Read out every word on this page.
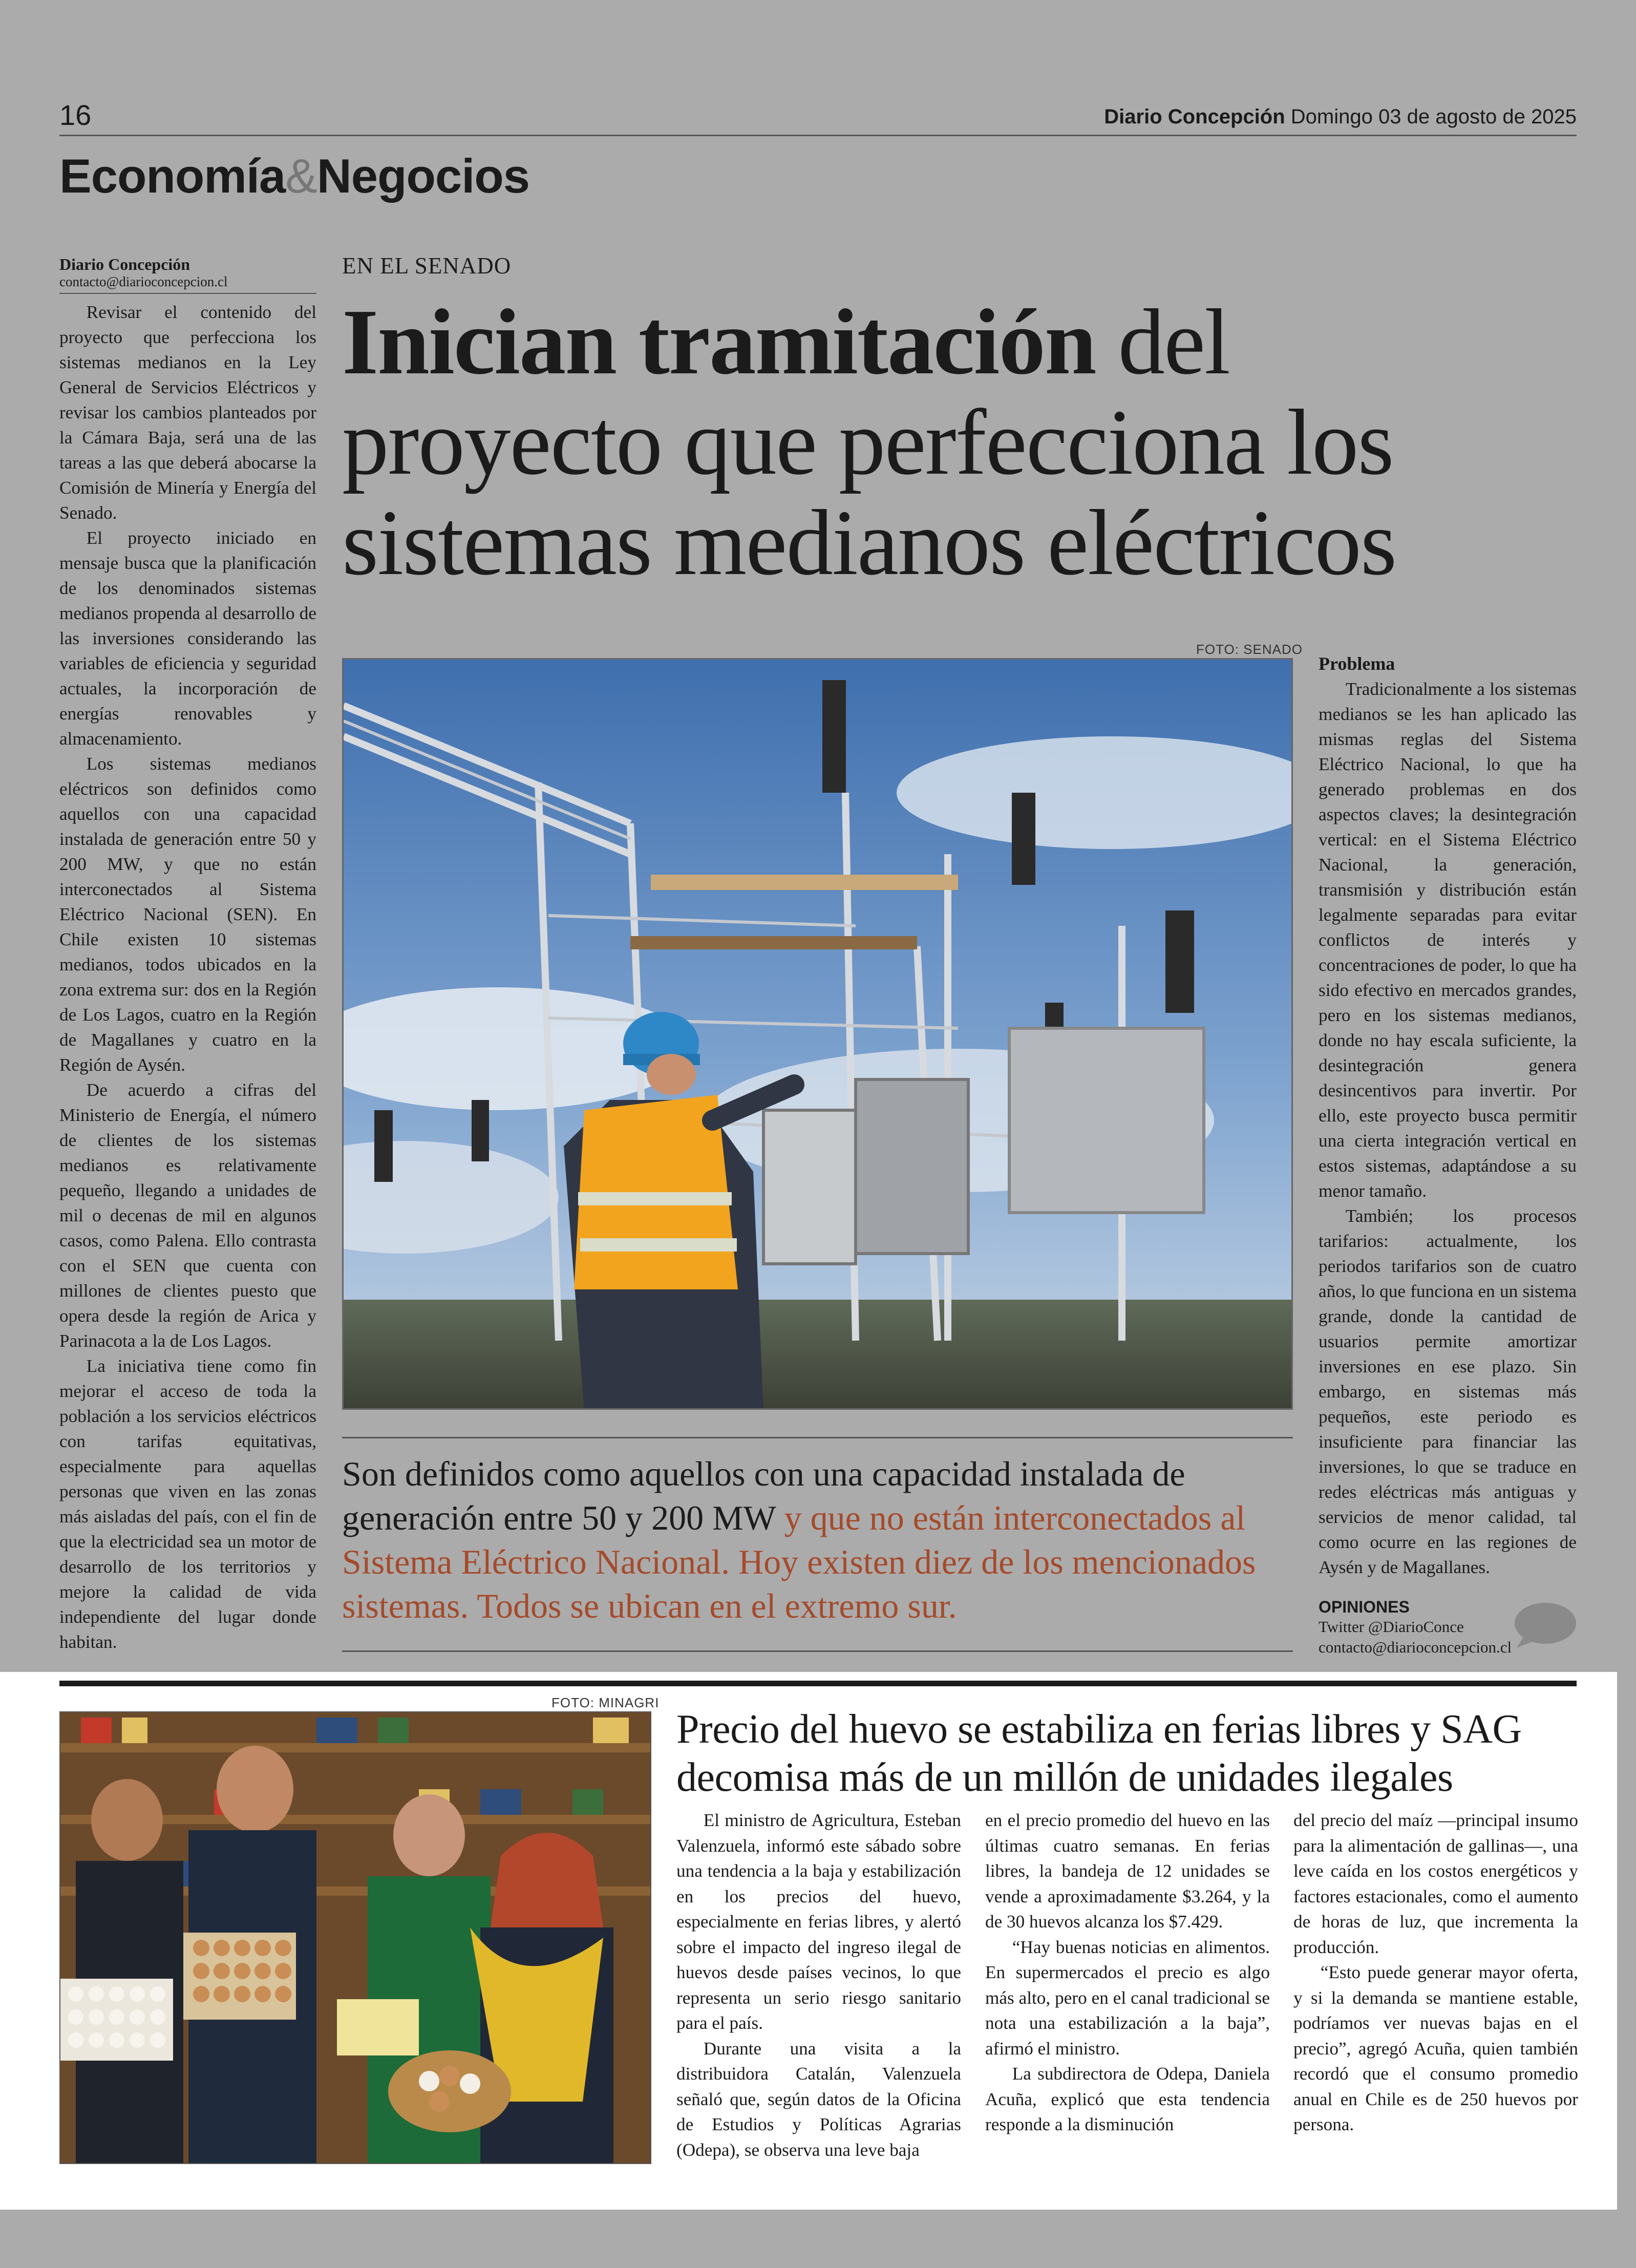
16	Diario Concepción Domingo 03 de agosto de 2025
Economía&Negocios
Diario Concepción
contacto@diarioconcepcion.cl

Revisar el contenido del proyecto que perfecciona los sistemas medianos en la Ley General de Servicios Eléctricos y revisar los cambios planteados por la Cámara Baja, será una de las tareas a las que deberá abocarse la Comisión de Minería y Energía del Senado.

El proyecto iniciado en mensaje busca que la planificación de los denominados sistemas medianos propenda al desarrollo de las inversiones considerando las variables de eficiencia y seguridad actuales, la incorporación de energías renovables y almacenamiento.

Los sistemas medianos eléctricos son definidos como aquellos con una capacidad instalada de generación entre 50 y 200 MW, y que no están interconectados al Sistema Eléctrico Nacional (SEN). En Chile existen 10 sistemas medianos, todos ubicados en la zona extrema sur: dos en la Región de Los Lagos, cuatro en la Región de Magallanes y cuatro en la Región de Aysén.

De acuerdo a cifras del Ministerio de Energía, el número de clientes de los sistemas medianos es relativamente pequeño, llegando a unidades de mil o decenas de mil en algunos casos, como Palena. Ello contrasta con el SEN que cuenta con millones de clientes puesto que opera desde la región de Arica y Parinacota a la de Los Lagos.

La iniciativa tiene como fin mejorar el acceso de toda la población a los servicios eléctricos con tarifas equitativas, especialmente para aquellas personas que viven en las zonas más aisladas del país, con el fin de que la electricidad sea un motor de desarrollo de los territorios y mejore la calidad de vida independiente del lugar donde habitan.

EN EL SENADO
Inician tramitación del proyecto que perfecciona los sistemas medianos eléctricos
FOTO: SENADO
Son definidos como aquellos con una capacidad instalada de generación entre 50 y 200 MW y que no están interconectados al Sistema Eléctrico Nacional. Hoy existen diez de los mencionados sistemas. Todos se ubican en el extremo sur.
Problema

Tradicionalmente a los sistemas medianos se les han aplicado las mismas reglas del Sistema Eléctrico Nacional, lo que ha generado problemas en dos aspectos claves; la desintegración vertical: en el Sistema Eléctrico Nacional, la generación, transmisión y distribución están legalmente separadas para evitar conflictos de interés y concentraciones de poder, lo que ha sido efectivo en mercados grandes, pero en los sistemas medianos, donde no hay escala suficiente, la desintegración genera desincentivos para invertir. Por ello, este proyecto busca permitir una cierta integración vertical en estos sistemas, adaptándose a su menor tamaño.

También; los procesos tarifarios: actualmente, los periodos tarifarios son de cuatro años, lo que funciona en un sistema grande, donde la cantidad de usuarios permite amortizar inversiones en ese plazo. Sin embargo, en sistemas más pequeños, este periodo es insuficiente para financiar las inversiones, lo que se traduce en redes eléctricas más antiguas y servicios de menor calidad, tal como ocurre en las regiones de Aysén y de Magallanes.

OPINIONES
Twitter @DiarioConce
contacto@diarioconcepcion.cl
FOTO: MINAGRI
Precio del huevo se estabiliza en ferias libres y SAG decomisa más de un millón de unidades ilegales

El ministro de Agricultura, Esteban Valenzuela, informó este sábado sobre una tendencia a la baja y estabilización en los precios del huevo, especialmente en ferias libres, y alertó sobre el impacto del ingreso ilegal de huevos desde países vecinos, lo que representa un serio riesgo sanitario para el país.

Durante una visita a la distribuidora Catalán, Valenzuela señaló que, según datos de la Oficina de Estudios y Políticas Agrarias (Odepa), se observa una leve baja

en el precio promedio del huevo en las últimas cuatro semanas. En ferias libres, la bandeja de 12 unidades se vende a aproximadamente $3.264, y la de 30 huevos alcanza los $7.429.

“Hay buenas noticias en alimentos. En supermercados el precio es algo más alto, pero en el canal tradicional se nota una estabilización a la baja”, afirmó el ministro.

La subdirectora de Odepa, Daniela Acuña, explicó que esta tendencia responde a la disminución

del precio del maíz —principal insumo para la alimentación de gallinas—, una leve caída en los costos energéticos y factores estacionales, como el aumento de horas de luz, que incrementa la producción.

“Esto puede generar mayor oferta, y si la demanda se mantiene estable, podríamos ver nuevas bajas en el precio”, agregó Acuña, quien también recordó que el consumo promedio anual en Chile es de 250 huevos por persona.
